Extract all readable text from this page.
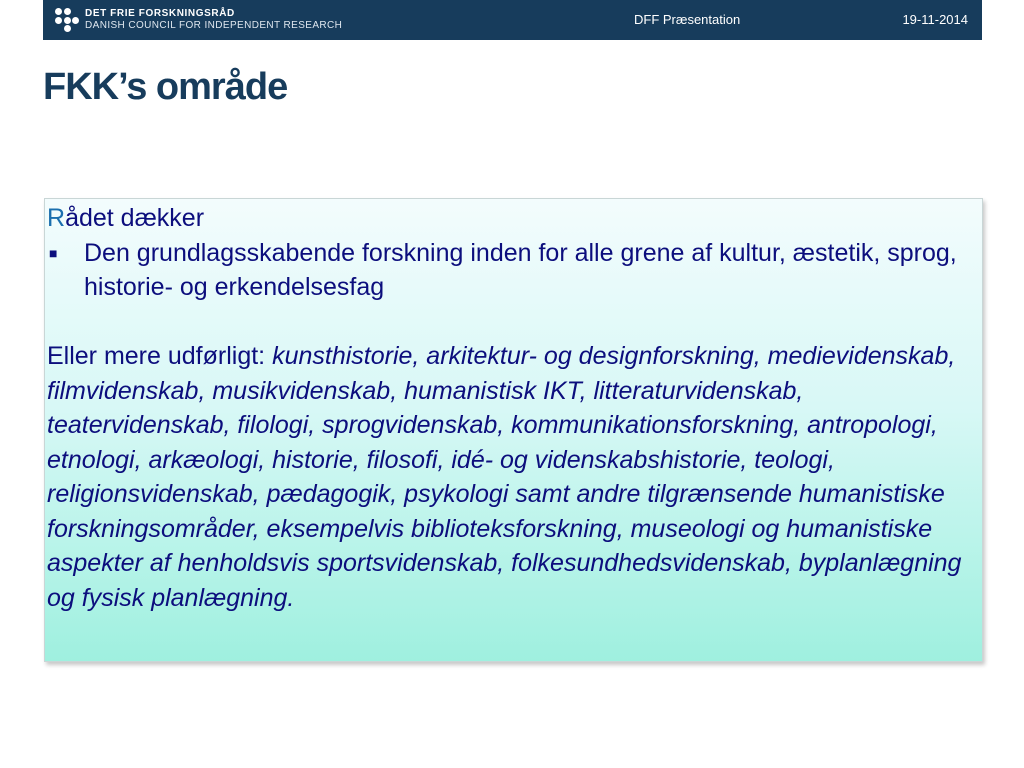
DET FRIE FORSKNINGSRÅD
DANISH COUNCIL FOR INDEPENDENT RESEARCH	DFF Præsentation	19-11-2014
FKK’s område
Rådet dækker
■	Den grundlagsskabende forskning inden for alle grene af kultur, æstetik, sprog, historie- og erkendelsesfag
Eller mere udførligt: kunsthistorie, arkitektur- og designforskning, medievidenskab, filmvidenskab, musikvidenskab, humanistisk IKT, litteraturvidenskab, teatervidenskab, filologi, sprogvidenskab, kommunikationsforskning, antropologi, etnologi, arkæologi, historie, filosofi, idé- og videnskabshistorie, teologi, religionsvidenskab, pædagogik, psykologi samt andre tilgrænsende humanistiske forskningsområder, eksempelvis biblioteksforskning, museologi og humanistiske aspekter af henholdsvis sportsvidenskab, folkesundhedsvidenskab, byplanlægning og fysisk planlægning.
